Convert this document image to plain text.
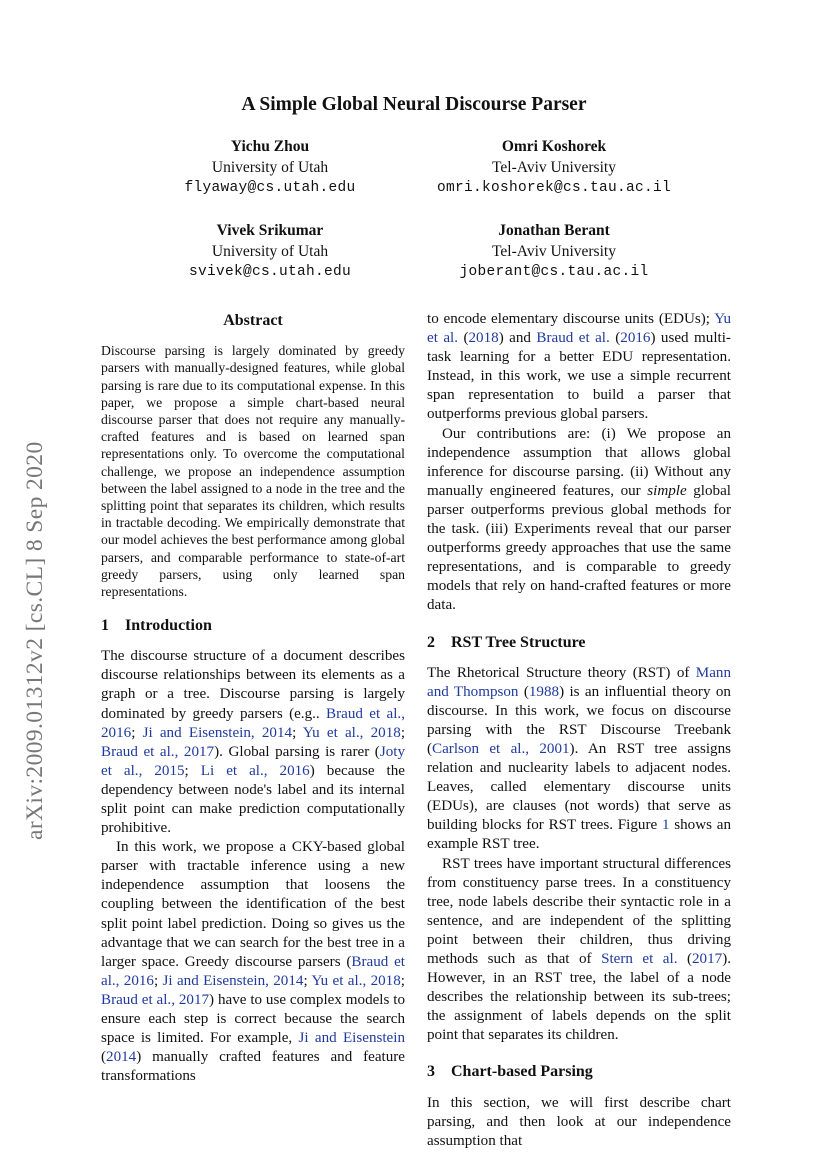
A Simple Global Neural Discourse Parser
Yichu Zhou
University of Utah
flyaway@cs.utah.edu
Omri Koshorek
Tel-Aviv University
omri.koshorek@cs.tau.ac.il
Vivek Srikumar
University of Utah
svivek@cs.utah.edu
Jonathan Berant
Tel-Aviv University
joberant@cs.tau.ac.il
arXiv:2009.01312v2 [cs.CL] 8 Sep 2020
Abstract

Discourse parsing is largely dominated by greedy parsers with manually-designed features, while global parsing is rare due to its computational expense. In this paper, we propose a simple chart-based neural discourse parser that does not require any manually-crafted features and is based on learned span representations only. To overcome the computational challenge, we propose an independence assumption between the label assigned to a node in the tree and the splitting point that separates its children, which results in tractable decoding. We empirically demonstrate that our model achieves the best performance among global parsers, and comparable performance to state-of-art greedy parsers, using only learned span representations.

1 Introduction

The discourse structure of a document describes discourse relationships between its elements as a graph or a tree. Discourse parsing is largely dominated by greedy parsers (e.g.. Braud et al., 2016; Ji and Eisenstein, 2014; Yu et al., 2018; Braud et al., 2017). Global parsing is rarer (Joty et al., 2015; Li et al., 2016) because the dependency between node's label and its internal split point can make prediction computationally prohibitive.

In this work, we propose a CKY-based global parser with tractable inference using a new independence assumption that loosens the coupling between the identification of the best split point label prediction. Doing so gives us the advantage that we can search for the best tree in a larger space. Greedy discourse parsers (Braud et al., 2016; Ji and Eisenstein, 2014; Yu et al., 2018; Braud et al., 2017) have to use complex models to ensure each step is correct because the search space is limited. For example, Ji and Eisenstein (2014) manually crafted features and feature transformations

to encode elementary discourse units (EDUs); Yu et al. (2018) and Braud et al. (2016) used multi-task learning for a better EDU representation. Instead, in this work, we use a simple recurrent span representation to build a parser that outperforms previous global parsers.

Our contributions are: (i) We propose an independence assumption that allows global inference for discourse parsing. (ii) Without any manually engineered features, our simple global parser outperforms previous global methods for the task. (iii) Experiments reveal that our parser outperforms greedy approaches that use the same representations, and is comparable to greedy models that rely on hand-crafted features or more data.

2 RST Tree Structure

The Rhetorical Structure theory (RST) of Mann and Thompson (1988) is an influential theory on discourse. In this work, we focus on discourse parsing with the RST Discourse Treebank (Carlson et al., 2001). An RST tree assigns relation and nuclearity labels to adjacent nodes. Leaves, called elementary discourse units (EDUs), are clauses (not words) that serve as building blocks for RST trees. Figure 1 shows an example RST tree.

RST trees have important structural differences from constituency parse trees. In a constituency tree, node labels describe their syntactic role in a sentence, and are independent of the splitting point between their children, thus driving methods such as that of Stern et al. (2017). However, in an RST tree, the label of a node describes the relationship between its sub-trees; the assignment of labels depends on the split point that separates its children.

3 Chart-based Parsing

In this section, we will first describe chart parsing, and then look at our independence assumption that
